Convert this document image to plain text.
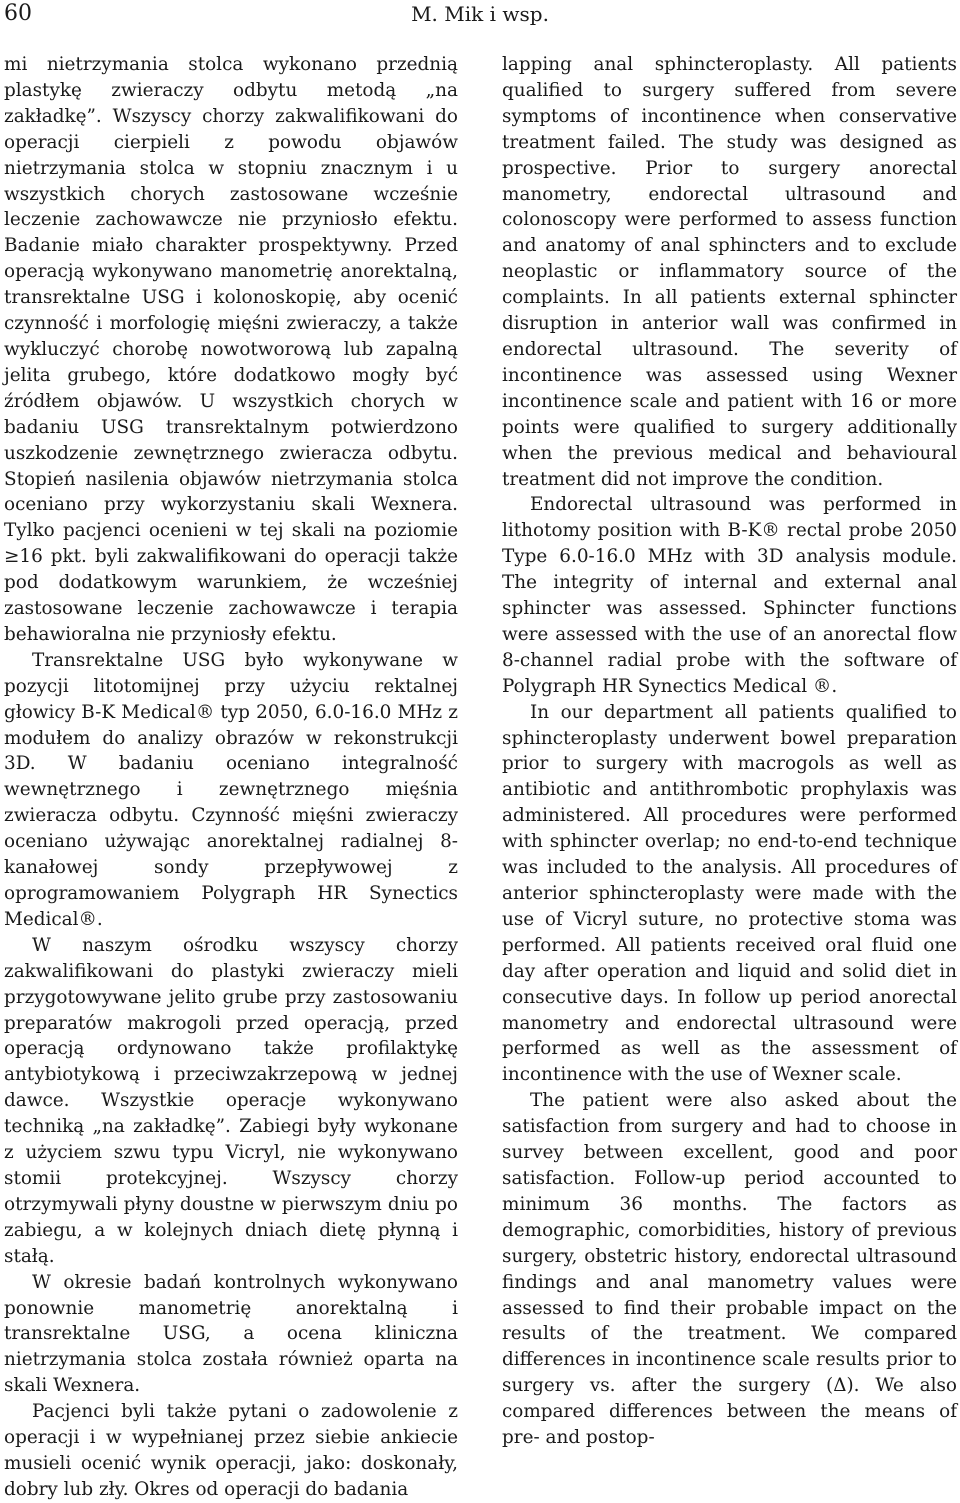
60	M. Mik i wsp.

mi nietrzymania stolca wykonano przednią plastykę zwieraczy odbytu metodą „na zakładkę”. Wszyscy chorzy zakwalifikowani do operacji cierpieli z powodu objawów nietrzymania stolca w stopniu znacznym i u wszystkich chorych zastosowane wcześnie leczenie zachowawcze nie przyniosło efektu. Badanie miało charakter prospektywny. Przed operacją wykonywano manometrię anorektalną, transrektalne USG i kolonoskopię, aby ocenić czynność i morfologię mięśni zwieraczy, a także wykluczyć chorobę nowotworową lub zapalną jelita grubego, które dodatkowo mogły być źródłem objawów. U wszystkich chorych w badaniu USG transrektalnym potwierdzono uszkodzenie zewnętrznego zwieracza odbytu. Stopień nasilenia objawów nietrzymania stolca oceniano przy wykorzystaniu skali Wexnera. Tylko pacjenci ocenieni w tej skali na poziomie ≥16 pkt. byli zakwalifikowani do operacji także pod dodatkowym warunkiem, że wcześniej zastosowane leczenie zachowawcze i terapia behawioralna nie przyniosły efektu.

Transrektalne USG było wykonywane w pozycji litotomijnej przy użyciu rektalnej głowicy B-K Medical® typ 2050, 6.0-16.0 MHz z modułem do analizy obrazów w rekonstrukcji 3D. W badaniu oceniano integralność wewnętrznego i zewnętrznego mięśnia zwieracza odbytu. Czynność mięśni zwieraczy oceniano używając anorektalnej radialnej 8-kanałowej sondy przepływowej z oprogramowaniem Polygraph HR Synectics Medical®.

W naszym ośrodku wszyscy chorzy zakwalifikowani do plastyki zwieraczy mieli przygotowywane jelito grube przy zastosowaniu preparatów makrogoli przed operacją, przed operacją ordynowano także profilaktykę antybiotykową i przeciwzakrzepową w jednej dawce. Wszystkie operacje wykonywano techniką „na zakładkę”. Zabiegi były wykonane z użyciem szwu typu Vicryl, nie wykonywano stomii protekcyjnej. Wszyscy chorzy otrzymywali płyny doustne w pierwszym dniu po zabiegu, a w kolejnych dniach dietę płynną i stałą.

W okresie badań kontrolnych wykonywano ponownie manometrię anorektalną i transrektalne USG, a ocena kliniczna nietrzymania stolca została również oparta na skali Wexnera.

Pacjenci byli także pytani o zadowolenie z operacji i w wypełnianej przez siebie ankiecie musieli ocenić wynik operacji, jako: doskonały, dobry lub zły. Okres od operacji do badania

lapping anal sphincteroplasty. All patients qualified to surgery suffered from severe symptoms of incontinence when conservative treatment failed. The study was designed as prospective. Prior to surgery anorectal manometry, endorectal ultrasound and colonoscopy were performed to assess function and anatomy of anal sphincters and to exclude neoplastic or inflammatory source of the complaints. In all patients external sphincter disruption in anterior wall was confirmed in endorectal ultrasound. The severity of incontinence was assessed using Wexner incontinence scale and patient with 16 or more points were qualified to surgery additionally when the previous medical and behavioural treatment did not improve the condition.

Endorectal ultrasound was performed in lithotomy position with B-K® rectal probe 2050 Type 6.0-16.0 MHz with 3D analysis module. The integrity of internal and external anal sphincter was assessed. Sphincter functions were assessed with the use of an anorectal flow 8-channel radial probe with the software of Polygraph HR Synectics Medical ®.

In our department all patients qualified to sphincteroplasty underwent bowel preparation prior to surgery with macrogols as well as antibiotic and antithrombotic prophylaxis was administered. All procedures were performed with sphincter overlap; no end-to-end technique was included to the analysis. All procedures of anterior sphincteroplasty were made with the use of Vicryl suture, no protective stoma was performed. All patients received oral fluid one day after operation and liquid and solid diet in consecutive days. In follow up period anorectal manometry and endorectal ultrasound were performed as well as the assessment of incontinence with the use of Wexner scale.

The patient were also asked about the satisfaction from surgery and had to choose in survey between excellent, good and poor satisfaction. Follow-up period accounted to minimum 36 months. The factors as demographic, comorbidities, history of previous surgery, obstetric history, endorectal ultrasound findings and anal manometry values were assessed to find their probable impact on the results of the treatment. We compared differences in incontinence scale results prior to surgery vs. after the surgery (Δ). We also compared differences between the means of pre- and postop-
